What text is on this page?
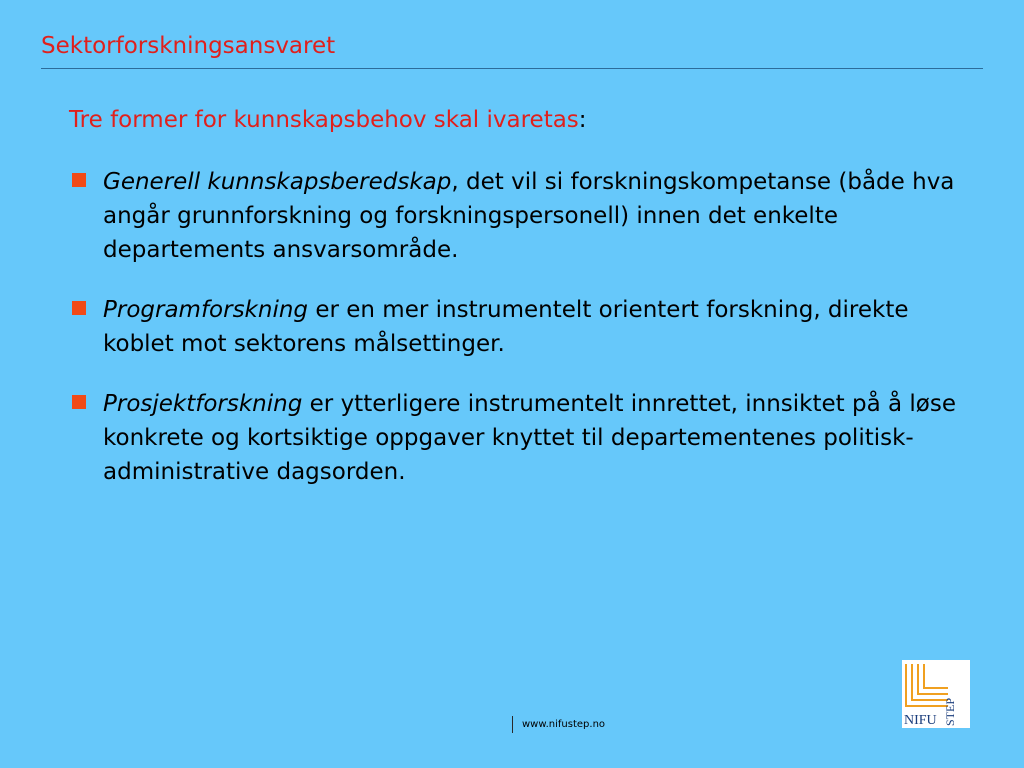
Sektorforskningsansvaret
Tre former for kunnskapsbehov skal ivaretas:
Generell kunnskapsberedskap, det vil si forskningskompetanse (både hva angår grunnforskning og forskningspersonell) innen det enkelte departements ansvarsområde.
Programforskning er en mer instrumentelt orientert forskning, direkte koblet mot sektorens målsettinger.
Prosjektforskning er ytterligere instrumentelt innrettet, innsiktet på å løse konkrete og kortsiktige oppgaver knyttet til departementenes politisk-administrative dagsorden.
NIFU STEP
www.nifustep.no
